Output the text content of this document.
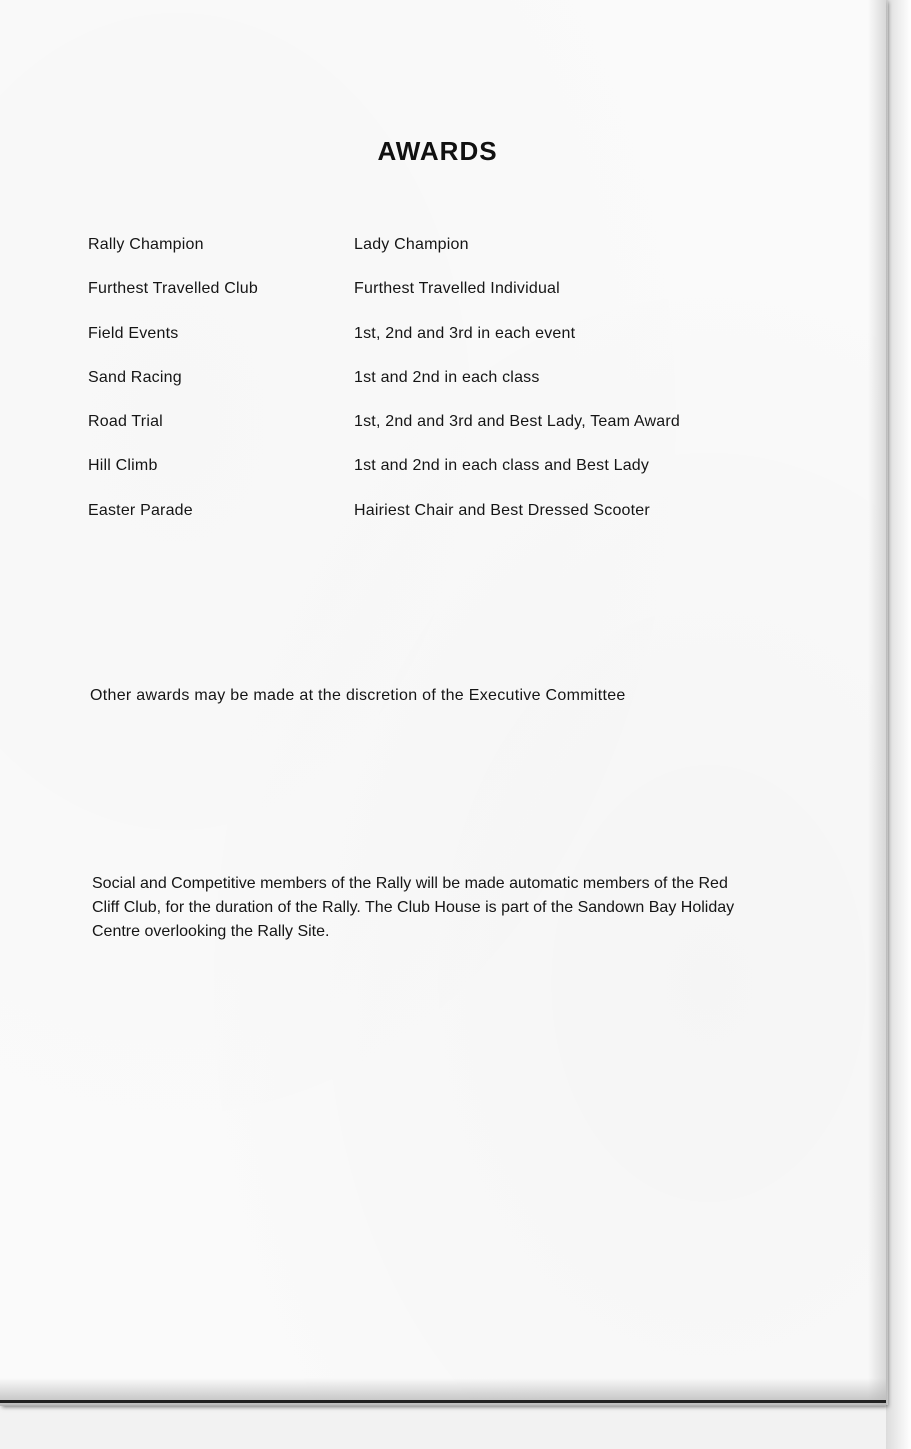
AWARDS
Rally Champion	Lady Champion
Furthest Travelled Club	Furthest Travelled Individual
Field Events	1st, 2nd and 3rd in each event
Sand Racing	1st and 2nd in each class
Road Trial	1st, 2nd and 3rd and Best Lady, Team Award
Hill Climb	1st and 2nd in each class and Best Lady
Easter Parade	Hairiest Chair and Best Dressed Scooter
Other awards may be made at the discretion of the Executive Committee
Social and Competitive members of the Rally will be made automatic members of the Red
Cliff Club, for the duration of the Rally. The Club House is part of the Sandown Bay Holiday
Centre overlooking the Rally Site.
